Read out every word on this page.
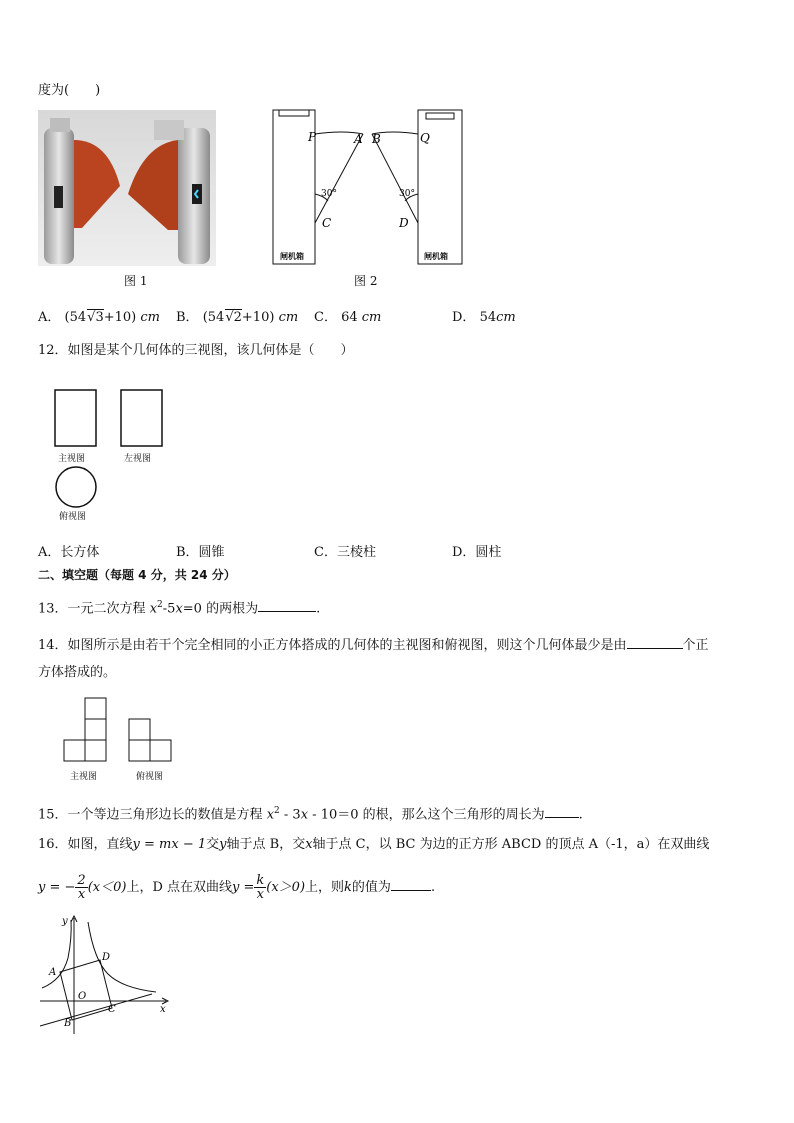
度为(　　)
图 1
P	A B	Q
30°	30°
C	D
闸机箱	闸机箱
图 2
A． (54√3+10) cm B． (54√2+10) cm C． 64 cm	D． 54cm
12．如图是某个几何体的三视图，该几何体是（　　）
主视图	左视图
俯视图
A．长方体	B．圆锥	C．三棱柱	D．圆柱
二、填空题（每题 4 分，共 24 分）
13．一元二次方程 $x^2-5x=0$ 的两根为	.
14．如图所示是由若干个完全相同的小正方体搭成的几何体的主视图和俯视图，则这个几何体最少是由	个正
方体搭成的。
主视图	俯视图
15．一个等边三角形边长的数值是方程 $x^2 - 3x - 10=0$ 的根，那么这个三角形的周长为	.
16．如图，直线y = mx − 1交y轴于点 B，交x轴于点 C，以 BC 为边的正方形 ABCD 的顶点 A（-1，a）在双曲线
y = − $\frac{2}{x} (x<0)$上，D 点在双曲线$y = \frac{k}{x} (x>0)$上，则k的值为	.
y
x
O
A
B
C
D
